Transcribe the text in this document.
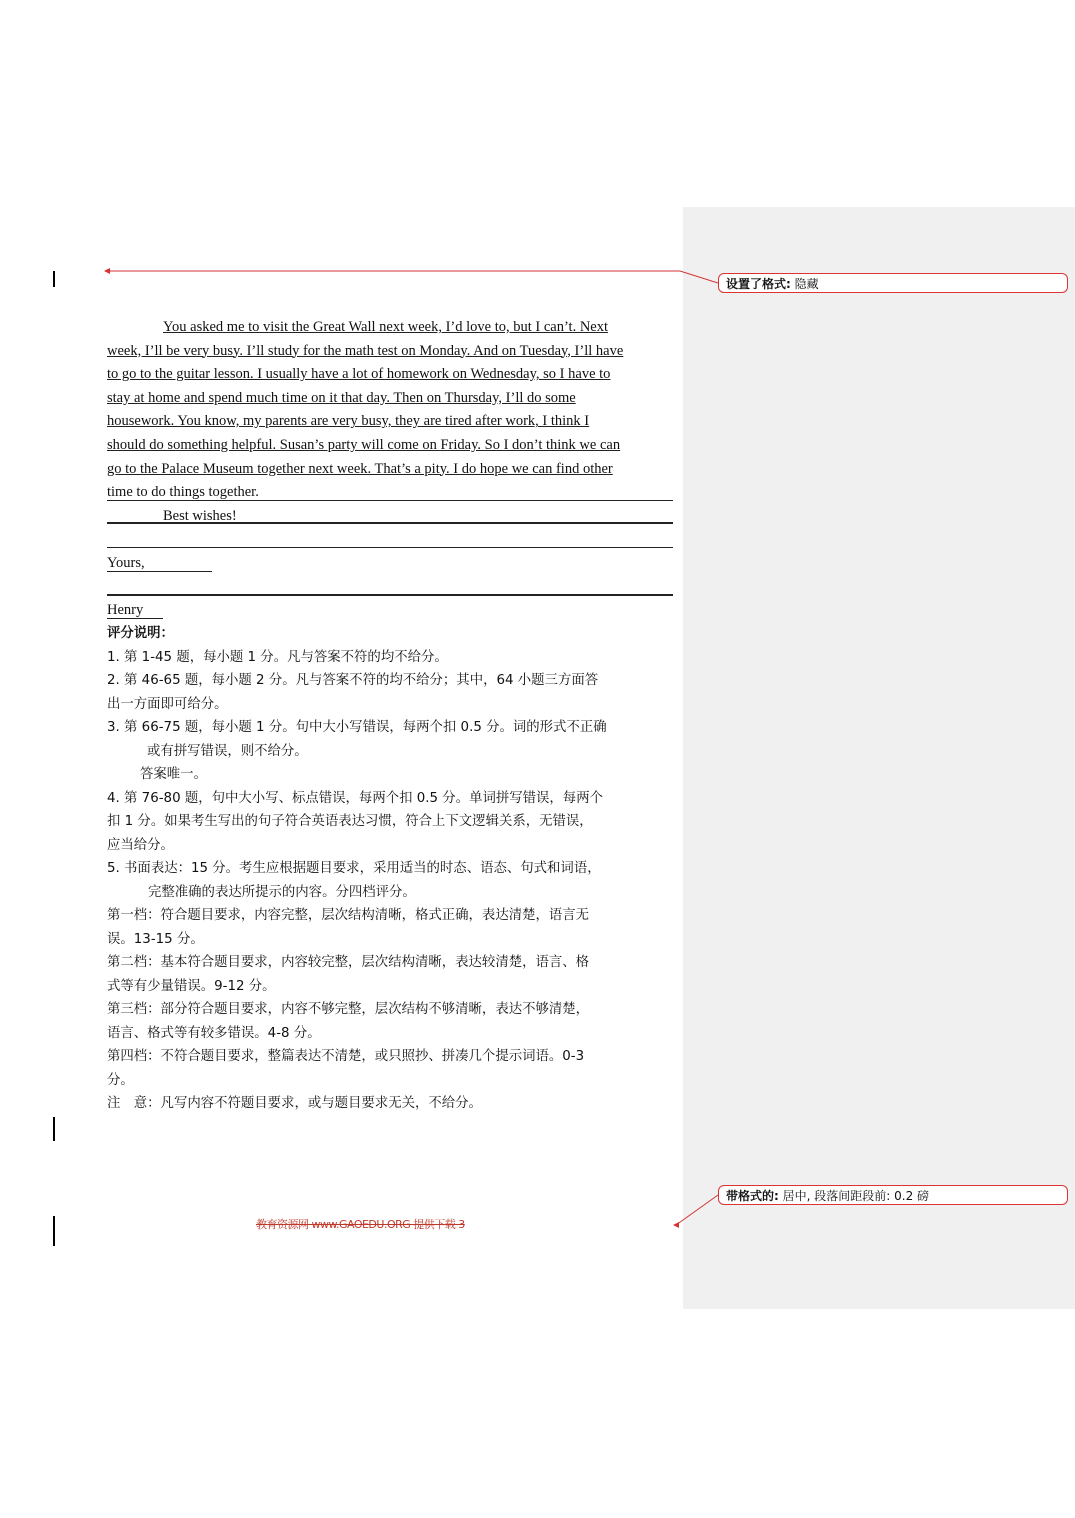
设置了格式: 隐藏
带格式的: 居中, 段落间距段前: 0.2 磅
You asked me to visit the Great Wall next week, I’d love to, but I can’t. Next
week, I’ll be very busy. I’ll study for the math test on Monday. And on Tuesday, I’ll have
to go to the guitar lesson. I usually have a lot of homework on Wednesday, so I have to
stay at home and spend much time on it that day. Then on Thursday, I’ll do some
housework. You know, my parents are very busy, they are tired after work, I think I
should do something helpful. Susan’s party will come on Friday. So I don’t think we can
go to the Palace Museum together next week. That’s a pity. I do hope we can find other
time to do things together.
Best wishes!
Yours,
Henry
评分说明：
1. 第 1-45 题，每小题 1 分。凡与答案不符的均不给分。
2. 第 46-65 题，每小题 2 分。凡与答案不符的均不给分；其中，64 小题三方面答
出一方面即可给分。
3. 第 66-75 题，每小题 1 分。句中大小写错误，每两个扣 0.5 分。词的形式不正确
或有拼写错误，则不给分。
答案唯一。
4. 第 76-80 题，句中大小写、标点错误，每两个扣 0.5 分。单词拼写错误，每两个
扣 1 分。如果考生写出的句子符合英语表达习惯，符合上下文逻辑关系，无错误，
应当给分。
5. 书面表达：15 分。考生应根据题目要求，采用适当的时态、语态、句式和词语，
完整准确的表达所提示的内容。分四档评分。
第一档：符合题目要求，内容完整，层次结构清晰，格式正确，表达清楚，语言无
误。13-15 分。
第二档：基本符合题目要求，内容较完整，层次结构清晰，表达较清楚，语言、格
式等有少量错误。9-12 分。
第三档：部分符合题目要求，内容不够完整，层次结构不够清晰，表达不够清楚，
语言、格式等有较多错误。4-8 分。
第四档：不符合题目要求，整篇表达不清楚，或只照抄、拼凑几个提示词语。0-3
分。
注　意：凡写内容不符题目要求，或与题目要求无关，不给分。
教育资源网 www.GAOEDU.ORG 提供下载 3
